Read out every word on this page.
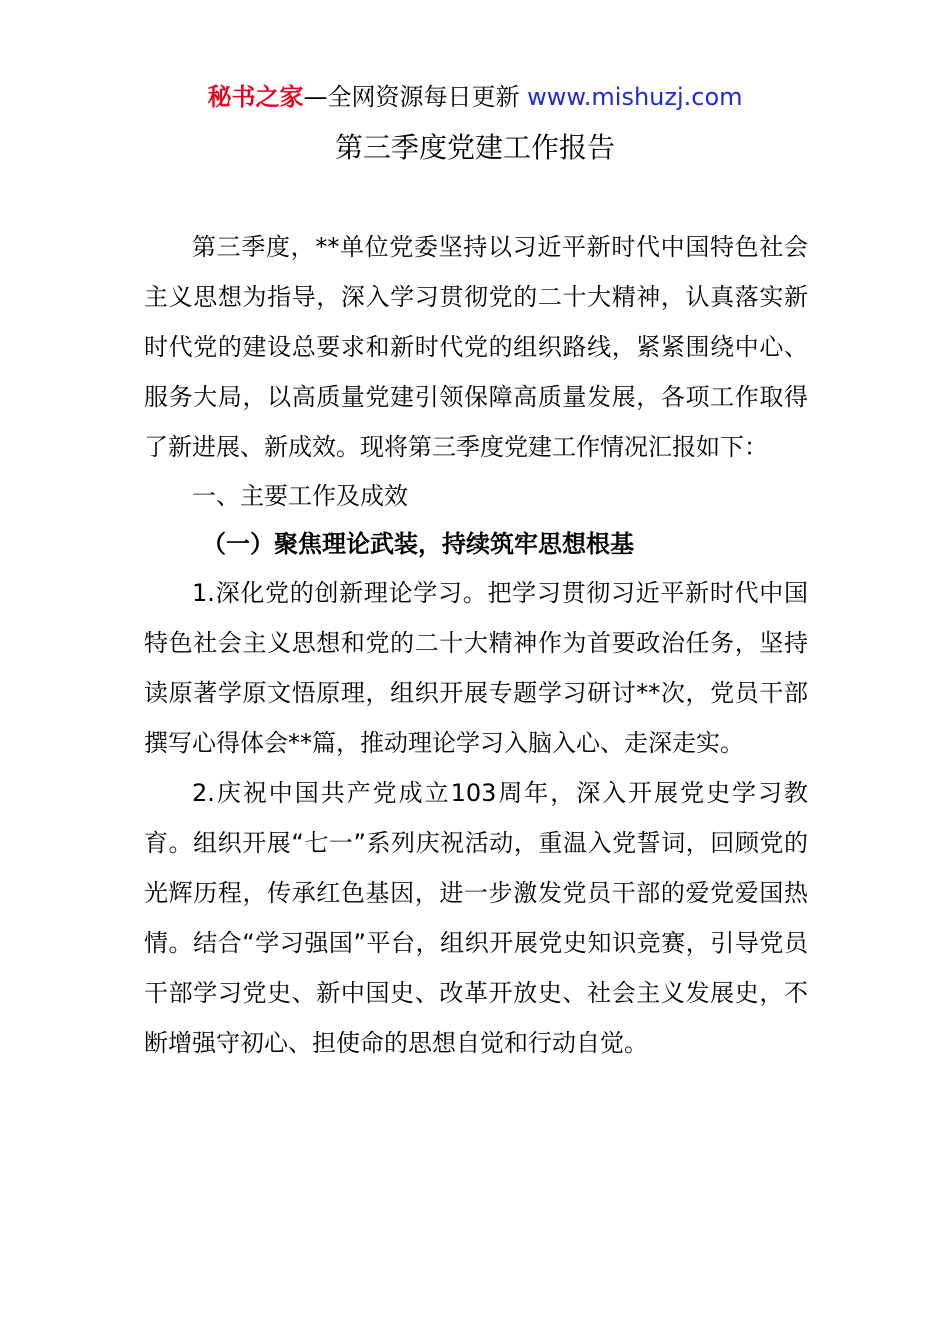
秘书之家—全网资源每日更新 www.mishuzj.com
第三季度党建工作报告

第三季度，**单位党委坚持以习近平新时代中国特色社会主义思想为指导，深入学习贯彻党的二十大精神，认真落实新时代党的建设总要求和新时代党的组织路线，紧紧围绕中心、服务大局，以高质量党建引领保障高质量发展，各项工作取得了新进展、新成效。现将第三季度党建工作情况汇报如下：

一、主要工作及成效

（一）聚焦理论武装，持续筑牢思想根基

1.深化党的创新理论学习。把学习贯彻习近平新时代中国特色社会主义思想和党的二十大精神作为首要政治任务，坚持读原著学原文悟原理，组织开展专题学习研讨**次，党员干部撰写心得体会**篇，推动理论学习入脑入心、走深走实。

2.庆祝中国共产党成立103周年，深入开展党史学习教育。组织开展“七一”系列庆祝活动，重温入党誓词，回顾党的光辉历程，传承红色基因，进一步激发党员干部的爱党爱国热情。结合“学习强国”平台，组织开展党史知识竞赛，引导党员干部学习党史、新中国史、改革开放史、社会主义发展史，不断增强守初心、担使命的思想自觉和行动自觉。
